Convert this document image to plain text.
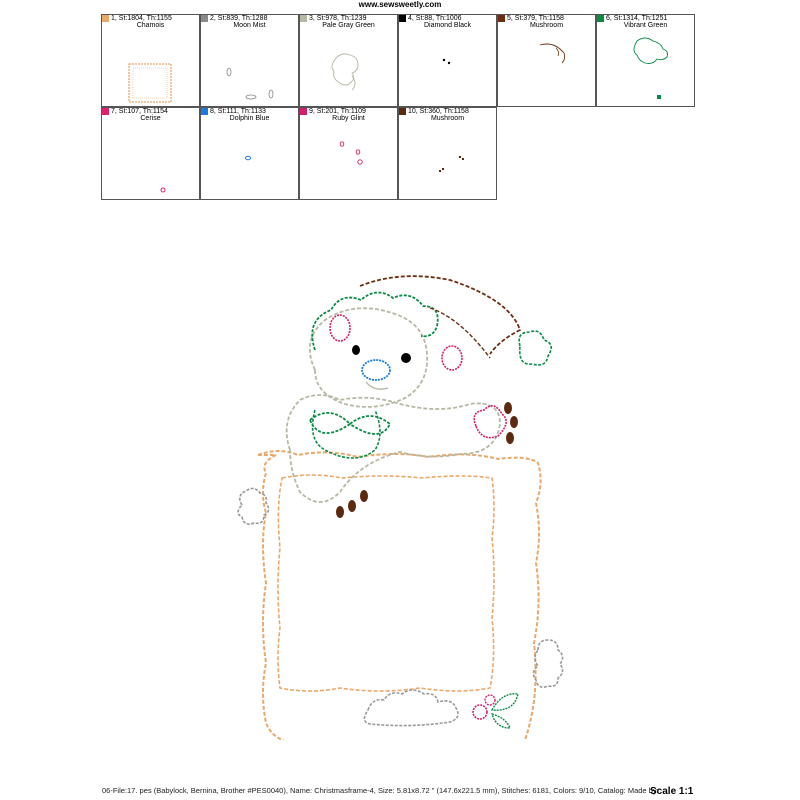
www.sewsweetly.com
1, St:1804, Th:1155
Chamois
2, St:839, Th:1288
Moon Mist
3, St:978, Th:1239
Pale Gray Green
4, St:88, Th:1006
Diamond Black
5, St:379, Th:1158
Mushroom
6, St:1314, Th:1251
Vibrant Green
7, St:107, Th:1154
Cerise
8, St:111, Th:1133
Dolphin Blue
9, St:201, Th:1109
Ruby Glint
10, St:360, Th:1158
Mushroom
06-File:17. pes (Babylock, Bernina, Brother #PES0040), Name: Christmasframe-4, Size: 5.81x8.72 " (147.6x221.5 mm), Stitches: 6181, Colors: 9/10, Catalog: Made by:
Scale 1:1
